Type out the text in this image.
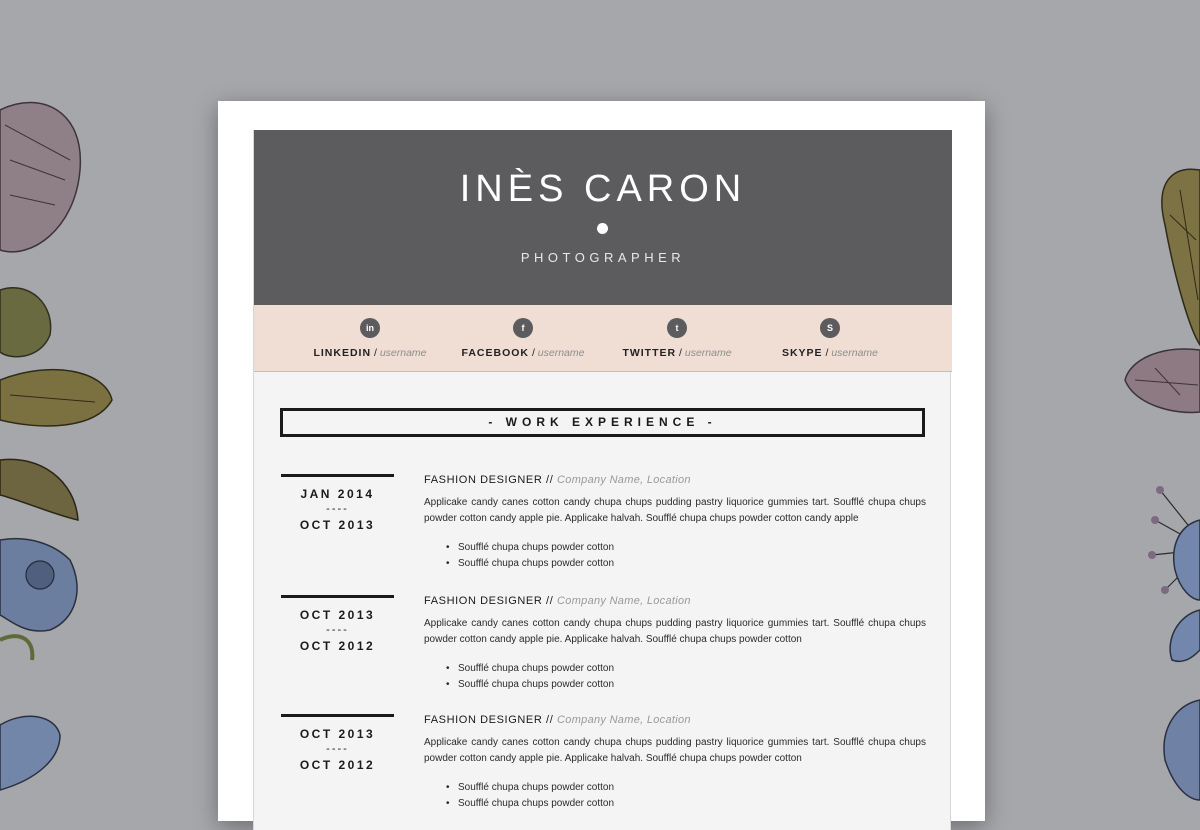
INÈS CARON
PHOTOGRAPHER
in
LINKEDIN / username
f
FACEBOOK / username
t
TWITTER / username
S
SKYPE / username
- WORK EXPERIENCE -
JAN 2014
----
OCT 2013
FASHION DESIGNER // Company Name, Location
Applicake candy canes cotton candy chupa chups pudding pastry liquorice gummies tart. Soufflé chupa chups powder cotton candy apple pie. Applicake halvah. Soufflé chupa chups powder cotton candy apple
• Soufflé chupa chups powder cotton
• Soufflé chupa chups powder cotton
OCT 2013
----
OCT 2012
FASHION DESIGNER // Company Name, Location
Applicake candy canes cotton candy chupa chups pudding pastry liquorice gummies tart. Soufflé chupa chups powder cotton candy apple pie. Applicake halvah. Soufflé chupa chups powder cotton
• Soufflé chupa chups powder cotton
• Soufflé chupa chups powder cotton
OCT 2013
----
OCT 2012
FASHION DESIGNER // Company Name, Location
Applicake candy canes cotton candy chupa chups pudding pastry liquorice gummies tart. Soufflé chupa chups powder cotton candy apple pie. Applicake halvah. Soufflé chupa chups powder cotton
• Soufflé chupa chups powder cotton
• Soufflé chupa chups powder cotton
